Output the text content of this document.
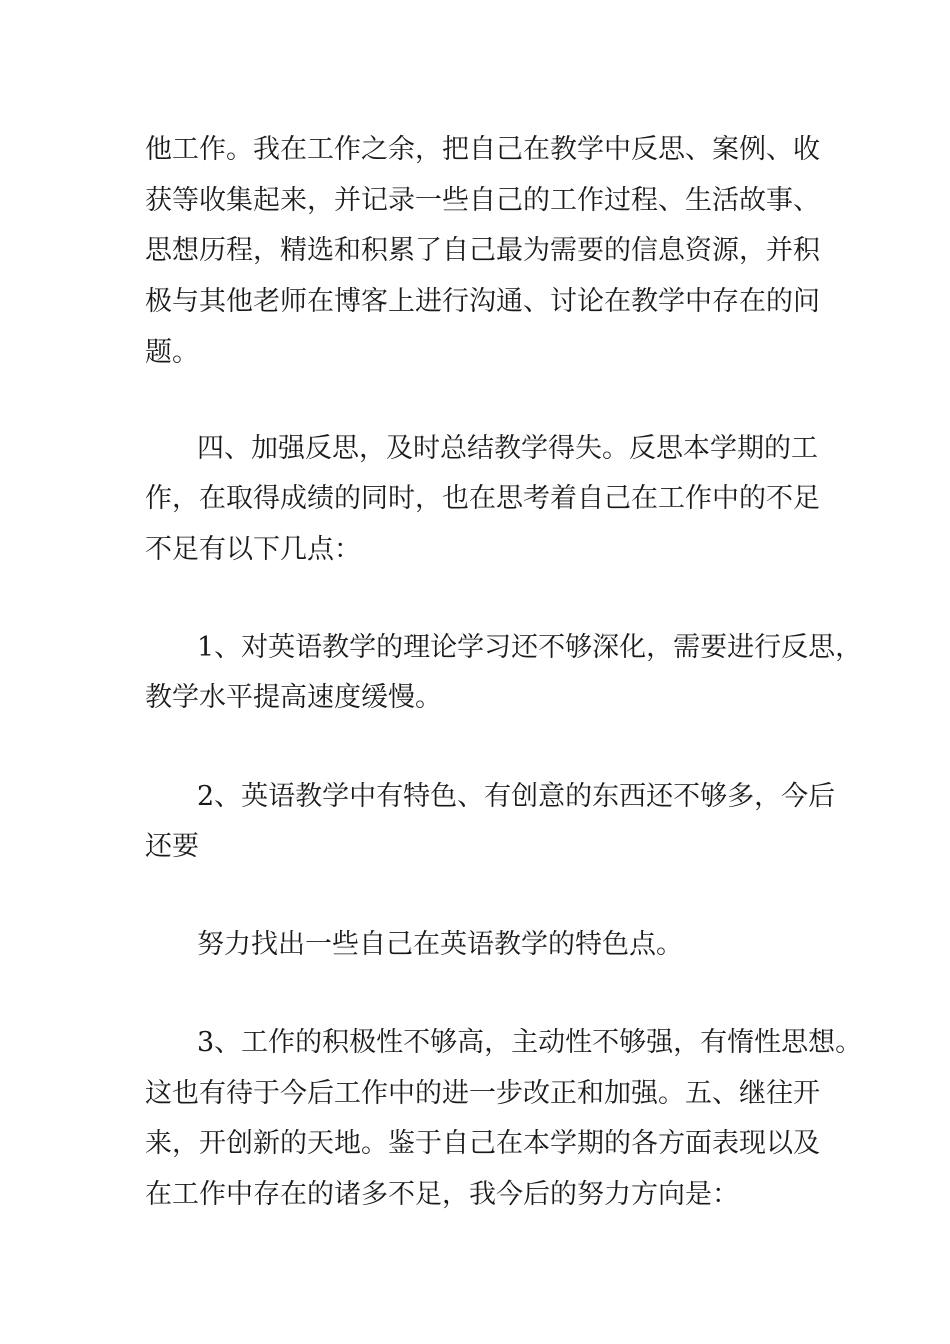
他工作。我在工作之余，把自己在教学中反思、案例、收
获等收集起来，并记录一些自己的工作过程、生活故事、
思想历程，精选和积累了自己最为需要的信息资源，并积
极与其他老师在博客上进行沟通、讨论在教学中存在的问
题。
四、加强反思，及时总结教学得失。反思本学期的工
作，在取得成绩的同时，也在思考着自己在工作中的不足
不足有以下几点：
1、对英语教学的理论学习还不够深化，需要进行反思，
教学水平提高速度缓慢。
2、英语教学中有特色、有创意的东西还不够多，今后
还要
努力找出一些自己在英语教学的特色点。
3、工作的积极性不够高，主动性不够强，有惰性思想。
这也有待于今后工作中的进一步改正和加强。五、继往开
来，开创新的天地。鉴于自己在本学期的各方面表现以及
在工作中存在的诸多不足，我今后的努力方向是：
